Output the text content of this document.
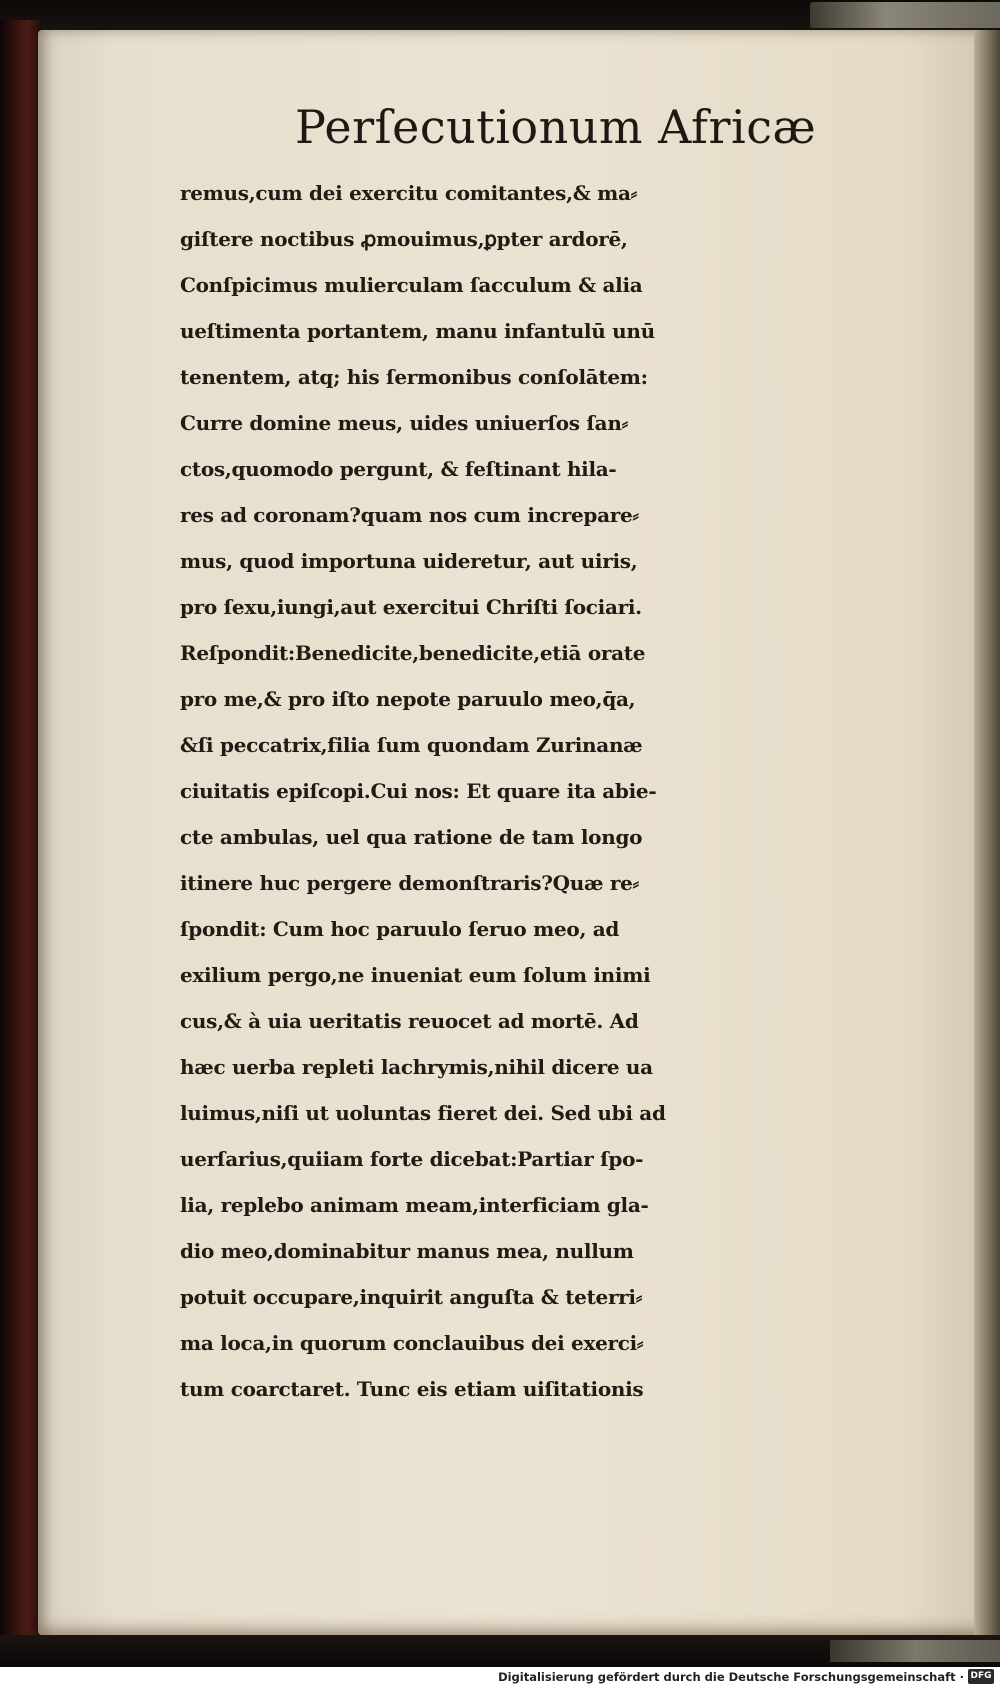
Perſecutionum Africæ
remus,cum dei exercitu comitantes,& ma⸗
giſtere noctibus ꝓmouimus,ꝑpter ardorē,
Conſpicimus mulierculam ſacculum & alia
ueſtimenta portantem, manu infantulū unū
tenentem, atq; his ſermonibus conſolātem:
Curre domine meus, uides uniuerſos ſan⸗
ctos,quomodo pergunt, & feſtinant hila-
res ad coronam?quam nos cum increpare⸗
mus, quod importuna uideretur, aut uiris,
pro ſexu,iungi,aut exercitui Chriſti ſociari.
Reſpondit:Benedicite,benedicite,etiā orate
pro me,& pro iſto nepote paruulo meo,q̄a,
&ſi peccatrix,filia ſum quondam Zurinanæ
ciuitatis epiſcopi.Cui nos: Et quare ita abie-
cte ambulas, uel qua ratione de tam longo
itinere huc pergere demonſtraris?Quæ re⸗
ſpondit: Cum hoc paruulo ſeruo meo, ad
exilium pergo,ne inueniat eum ſolum inimi
cus,& à uia ueritatis reuocet ad mortē. Ad
hæc uerba repleti lachrymis,nihil dicere ua
luimus,niſi ut uoluntas fieret dei. Sed ubi ad
uerſarius,quiiam forte dicebat:Partiar ſpo-
lia, replebo animam meam,interficiam gla-
dio meo,dominabitur manus mea, nullum
potuit occupare,inquirit anguſta & teterri⸗
ma loca,in quorum conclauibus dei exerci⸗
tum coarctaret. Tunc eis etiam uiſitationis
Digitalisierung gefördert durch die Deutsche Forschungsgemeinschaft · DFG
